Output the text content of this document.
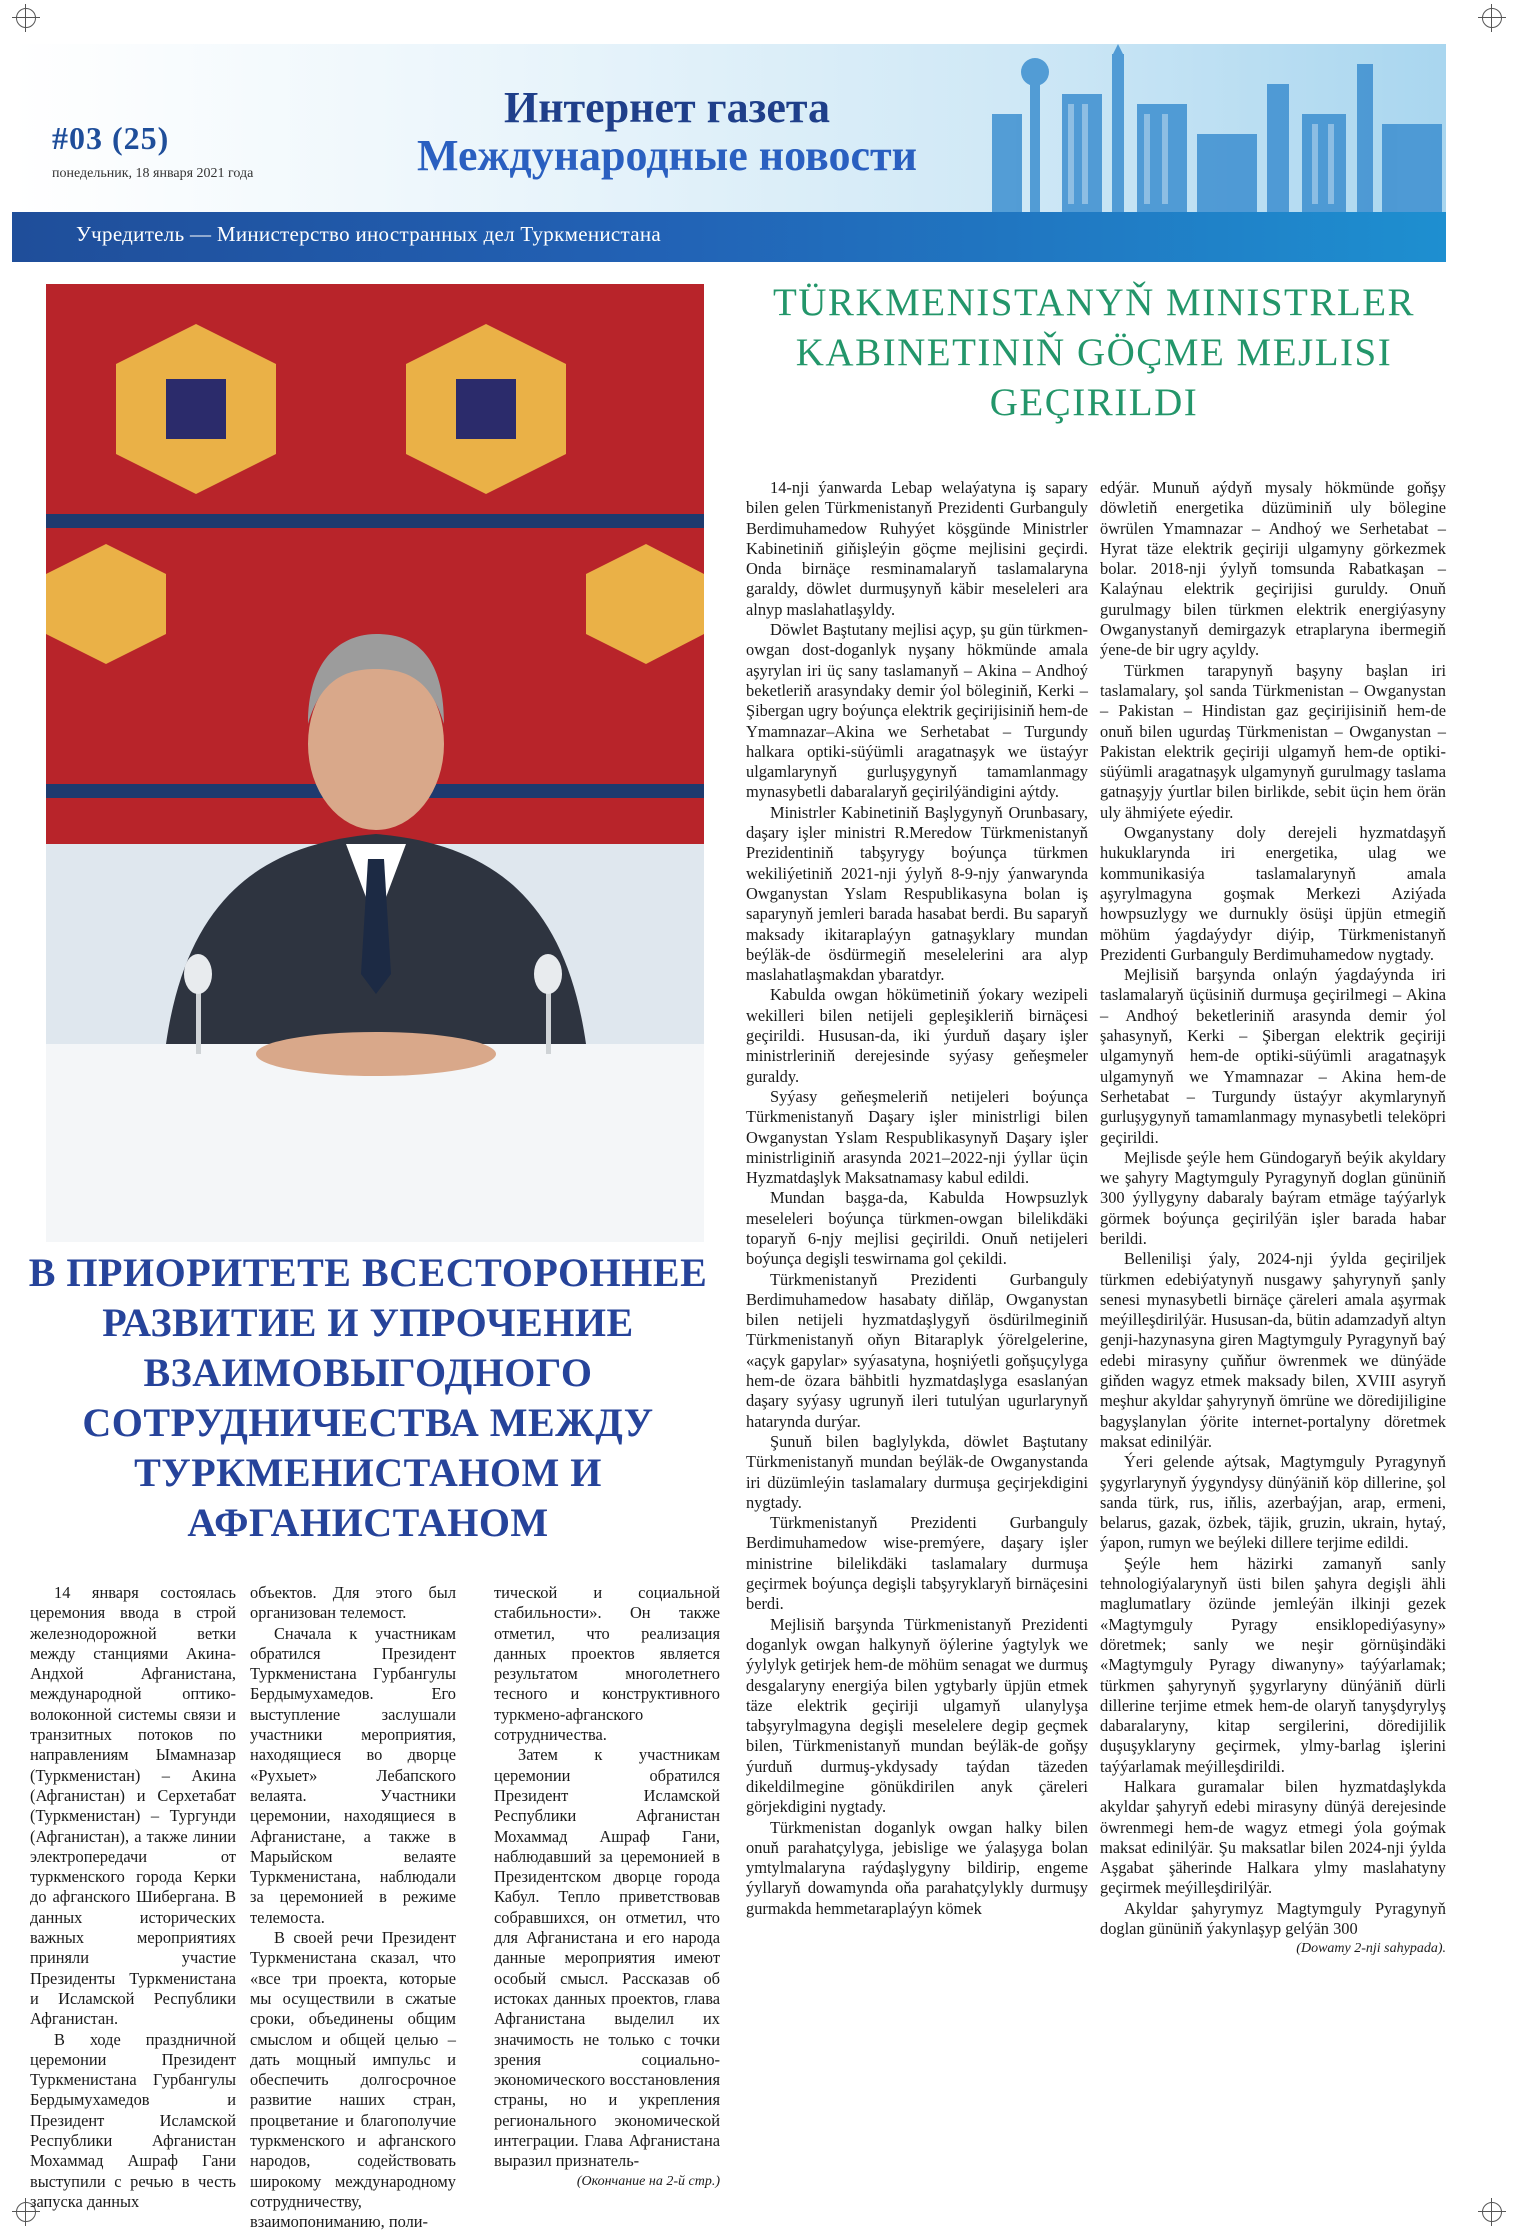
#03 (25)
понедельник, 18 января 2021 года
Интернет газета
Международные новости
Учредитель — Министерство иностранных дел Туркменистана
TÜRKMENISTANYŇ MINISTRLER KABINETINIŇ GÖÇME MEJLISI GEÇIRILDI
В ПРИОРИТЕТЕ ВСЕСТОРОННЕЕ РАЗВИТИЕ И УПРОЧЕНИЕ ВЗАИМОВЫГОДНОГО СОТРУДНИЧЕСТВА МЕЖДУ ТУРКМЕНИСТАНОМ И АФГАНИСТАНОМ

14 января состоялась церемония ввода в строй железнодорожной ветки между станциями Акина-Андхой Афганистана, международной оптико-волоконной системы связи и транзитных потоков по направлениям Ымамназар (Туркменистан) – Акина (Афганистан) и Серхетабат (Туркменистан) – Тургунди (Афганистан), а также линии электропередачи от туркменского города Керки до афганского Шибергана. В данных исторических важных мероприятиях приняли участие Президенты Туркменистана и Исламской Республики Афганистан.

В ходе праздничной церемонии Президент Туркменистана Гурбангулы Бердымухамедов и Президент Исламской Республики Афганистан Мохаммад Ашраф Гани выступили с речью в честь запуска данных

объектов. Для этого был организован телемост.

Сначала к участникам обратился Президент Туркменистана Гурбангулы Бердымухамедов. Его выступление заслушали участники мероприятия, находящиеся во дворце «Рухыет» Лебапского велаята. Участники церемонии, находящиеся в Афганистане, а также в Марыйском велаяте Туркменистана, наблюдали за церемонией в режиме телемоста.

В своей речи Президент Туркменистана сказал, что «все три проекта, которые мы осуществили в сжатые сроки, объединены общим смыслом и общей целью – дать мощный импульс и обеспечить долгосрочное развитие наших стран, процветание и благополучие туркменского и афганского народов, содействовать широкому международному сотрудничеству, взаимопониманию, поли-

тической и социальной стабильности». Он также отметил, что реализация данных проектов является результатом многолетнего тесного и конструктивного туркмено-афганского сотрудничества.

Затем к участникам церемонии обратился Президент Исламской Республики Афганистан Мохаммад Ашраф Гани, наблюдавший за церемонией в Президентском дворце города Кабул. Тепло приветствовав собравшихся, он отметил, что для Афганистана и его народа данные мероприятия имеют особый смысл. Рассказав об истоках данных проектов, глава Афганистана выделил их значимость не только с точки зрения социально-экономического восстановления страны, но и укрепления регионального экономической интеграции. Глава Афганистана выразил признатель-

(Окончание на 2-й стр.)

14-nji ýanwarda Lebap welaýatyna iş sapary bilen gelen Türkmenistanyň Prezidenti Gurbanguly Berdimuhamedow Ruhyýet köşgünde Ministrler Kabinetiniň giňişleýin göçme mejlisini geçirdi. Onda birnäçe resminamalaryň taslamalaryna garaldy, döwlet durmuşynyň käbir meseleleri ara alnyp maslahatlaşyldy.

Döwlet Baştutany mejlisi açyp, şu gün türkmen-owgan dost-doganlyk nyşany hökmünde amala aşyrylan iri üç sany taslamanyň – Akina – Andhoý beketleriň arasyndaky demir ýol böleginiň, Kerki – Şibergan ugry boýunça elektrik geçirijisiniň hem-de Ymamnazar–Akina we Serhetabat – Turgundy halkara optiki-süýümli aragatnaşyk we üstaýyr ulgamlarynyň gurluşygynyň tamamlanmagy mynasybetli dabaralaryň geçirilýändigini aýtdy.

Ministrler Kabinetiniň Başlygynyň Orunbasary, daşary işler ministri R.Meredow Türkmenistanyň Prezidentiniň tabşyrygy boýunça türkmen wekiliýetiniň 2021-nji ýylyň 8-9-njy ýanwarynda Owganystan Yslam Respublikasyna bolan iş saparynyň jemleri barada hasabat berdi. Bu saparyň maksady ikitaraplaýyn gatnaşyklary mundan beýläk-de ösdürmegiň meselelerini ara alyp maslahatlaşmakdan ybaratdyr.

Kabulda owgan hökümetiniň ýokary wezipeli wekilleri bilen netijeli gepleşikleriň birnäçesi geçirildi. Hususan-da, iki ýurduň daşary işler ministrleriniň derejesinde syýasy geňeşmeler guraldy.

Syýasy geňeşmeleriň netijeleri boýunça Türkmenistanyň Daşary işler ministrligi bilen Owganystan Yslam Respublikasynyň Daşary işler ministrliginiň arasynda 2021–2022-nji ýyllar üçin Hyzmatdaşlyk Maksatnamasy kabul edildi.

Mundan başga-da, Kabulda Howpsuzlyk meseleleri boýunça türkmen-owgan bilelikdäki toparyň 6-njy mejlisi geçirildi. Onuň netijeleri boýunça degişli teswirnama gol çekildi.

Türkmenistanyň Prezidenti Gurbanguly Berdimuhamedow hasabaty diňläp, Owganystan bilen netijeli hyzmatdaşlygyň ösdürilmeginiň Türkmenistanyň oňyn Bitaraplyk ýörelgelerine, «açyk gapylar» syýasatyna, hoşniýetli goňşuçylyga hem-de özara bähbitli hyzmatdaşlyga esaslanýan daşary syýasy ugrunyň ileri tutulýan ugurlarynyň hatarynda durýar.

Şunuň bilen baglylykda, döwlet Baştutany Türkmenistanyň mundan beýläk-de Owganystanda iri düzümleýin taslamalary durmuşa geçirjekdigini nygtady.

Türkmenistanyň Prezidenti Gurbanguly Berdimuhamedow wise-premýere, daşary işler ministrine bilelikdäki taslamalary durmuşa geçirmek boýunça degişli tabşyryklaryň birnäçesini berdi.

Mejlisiň barşynda Türkmenistanyň Prezidenti doganlyk owgan halkynyň öýlerine ýagtylyk we ýylylyk getirjek hem-de möhüm senagat we durmuş desgalaryny energiýa bilen ygtybarly üpjün etmek täze elektrik geçiriji ulgamyň ulanylyşa tabşyrylmagyna degişli meselelere degip geçmek bilen, Türkmenistanyň mundan beýläk-de goňşy ýurduň durmuş-ykdysady taýdan täzeden dikeldilmegine gönükdirilen anyk çäreleri görjekdigini nygtady.

Türkmenistan doganlyk owgan halky bilen onuň parahatçylyga, jebislige we ýalaşyga bolan ymtylmalaryna raýdaşlygyny bildirip, engeme ýyllaryň dowamynda oňa parahatçylykly durmuşy gurmakda hemmetaraplaýyn kömek

edýär. Munuň aýdyň mysaly hökmünde goňşy döwletiň energetika düzüminiň uly bölegine öwrülen Ymamnazar – Andhoý we Serhetabat – Hyrat täze elektrik geçiriji ulgamyny görkezmek bolar. 2018-nji ýylyň tomsunda Rabatkaşan – Kalaýnau elektrik geçirijisi guruldy. Onuň gurulmagy bilen türkmen elektrik energiýasyny Owganystanyň demirgazyk etraplaryna ibermegiň ýene-de bir ugry açyldy.

Türkmen tarapynyň başyny başlan iri taslamalary, şol sanda Türkmenistan – Owganystan – Pakistan – Hindistan gaz geçirijisiniň hem-de onuň bilen ugurdaş Türkmenistan – Owganystan – Pakistan elektrik geçiriji ulgamyň hem-de optiki-süýümli aragatnaşyk ulgamynyň gurulmagy taslama gatnaşyjy ýurtlar bilen birlikde, sebit üçin hem örän uly ähmiýete eýedir.

Owganystany doly derejeli hyzmatdaşyň hukuklarynda iri energetika, ulag we kommunikasiýa taslamalarynyň amala aşyrylmagyna goşmak Merkezi Aziýada howpsuzlygy we durnukly ösüşi üpjün etmegiň möhüm ýagdaýydyr diýip, Türkmenistanyň Prezidenti Gurbanguly Berdimuhamedow nygtady.

Mejlisiň barşynda onlaýn ýagdaýynda iri taslamalaryň üçüsiniň durmuşa geçirilmegi – Akina – Andhoý beketleriniň arasynda demir ýol şahasynyň, Kerki – Şibergan elektrik geçiriji ulgamynyň hem-de optiki-süýümli aragatnaşyk ulgamynyň we Ymamnazar – Akina hem-de Serhetabat – Turgundy üstaýyr akymlarynyň gurluşygynyň tamamlanmagy mynasybetli teleköpri geçirildi.

Mejlisde şeýle hem Gündogaryň beýik akyldary we şahyry Magtymguly Pyragynyň doglan gününiň 300 ýyllygyny dabaraly baýram etmäge taýýarlyk görmek boýunça geçirilýän işler barada habar berildi.

Bellenilişi ýaly, 2024-nji ýylda geçiriljek türkmen edebiýatynyň nusgawy şahyrynyň şanly senesi mynasybetli birnäçe çäreleri amala aşyrmak meýilleşdirilýär. Hususan-da, bütin adamzadyň altyn genji-hazynasyna giren Magtymguly Pyragynyň baý edebi mirasyny çuňňur öwrenmek we dünýäde giňden wagyz etmek maksady bilen, XVIII asyryň meşhur akyldar şahyrynyň ömrüne we döredijiligine bagyşlanylan ýörite internet-portalyny döretmek maksat edinilýär.

Ýeri gelende aýtsak, Magtymguly Pyragynyň şygyrlarynyň ýygyndysy dünýäniň köp dillerine, şol sanda türk, rus, iňlis, azerbaýjan, arap, ermeni, belarus, gazak, özbek, täjik, gruzin, ukrain, hytaý, ýapon, rumyn we beýleki dillere terjime edildi.

Şeýle hem häzirki zamanyň sanly tehnologiýalarynyň üsti bilen şahyra degişli ähli maglumatlary özünde jemleýän ilkinji gezek «Magtymguly Pyragy ensiklopediýasyny» döretmek; sanly we neşir görnüşindäki «Magtymguly Pyragy diwanyny» taýýarlamak; türkmen şahyrynyň şygyrlaryny dünýäniň dürli dillerine terjime etmek hem-de olaryň tanyşdyrylyş dabaralaryny, kitap sergilerini, döredijilik duşuşyklaryny geçirmek, ylmy-barlag işlerini taýýarlamak meýilleşdirildi.

Halkara guramalar bilen hyzmatdaşlykda akyldar şahyryň edebi mirasyny dünýä derejesinde öwrenmegi hem-de wagyz etmegi ýola goýmak maksat edinilýär. Şu maksatlar bilen 2024-nji ýylda Aşgabat şäherinde Halkara ylmy maslahatyny geçirmek meýilleşdirilýär.

Akyldar şahyrymyz Magtymguly Pyragynyň doglan gününiň ýakynlaşyp gelýän 300

(Dowamy 2-nji sahypada).
